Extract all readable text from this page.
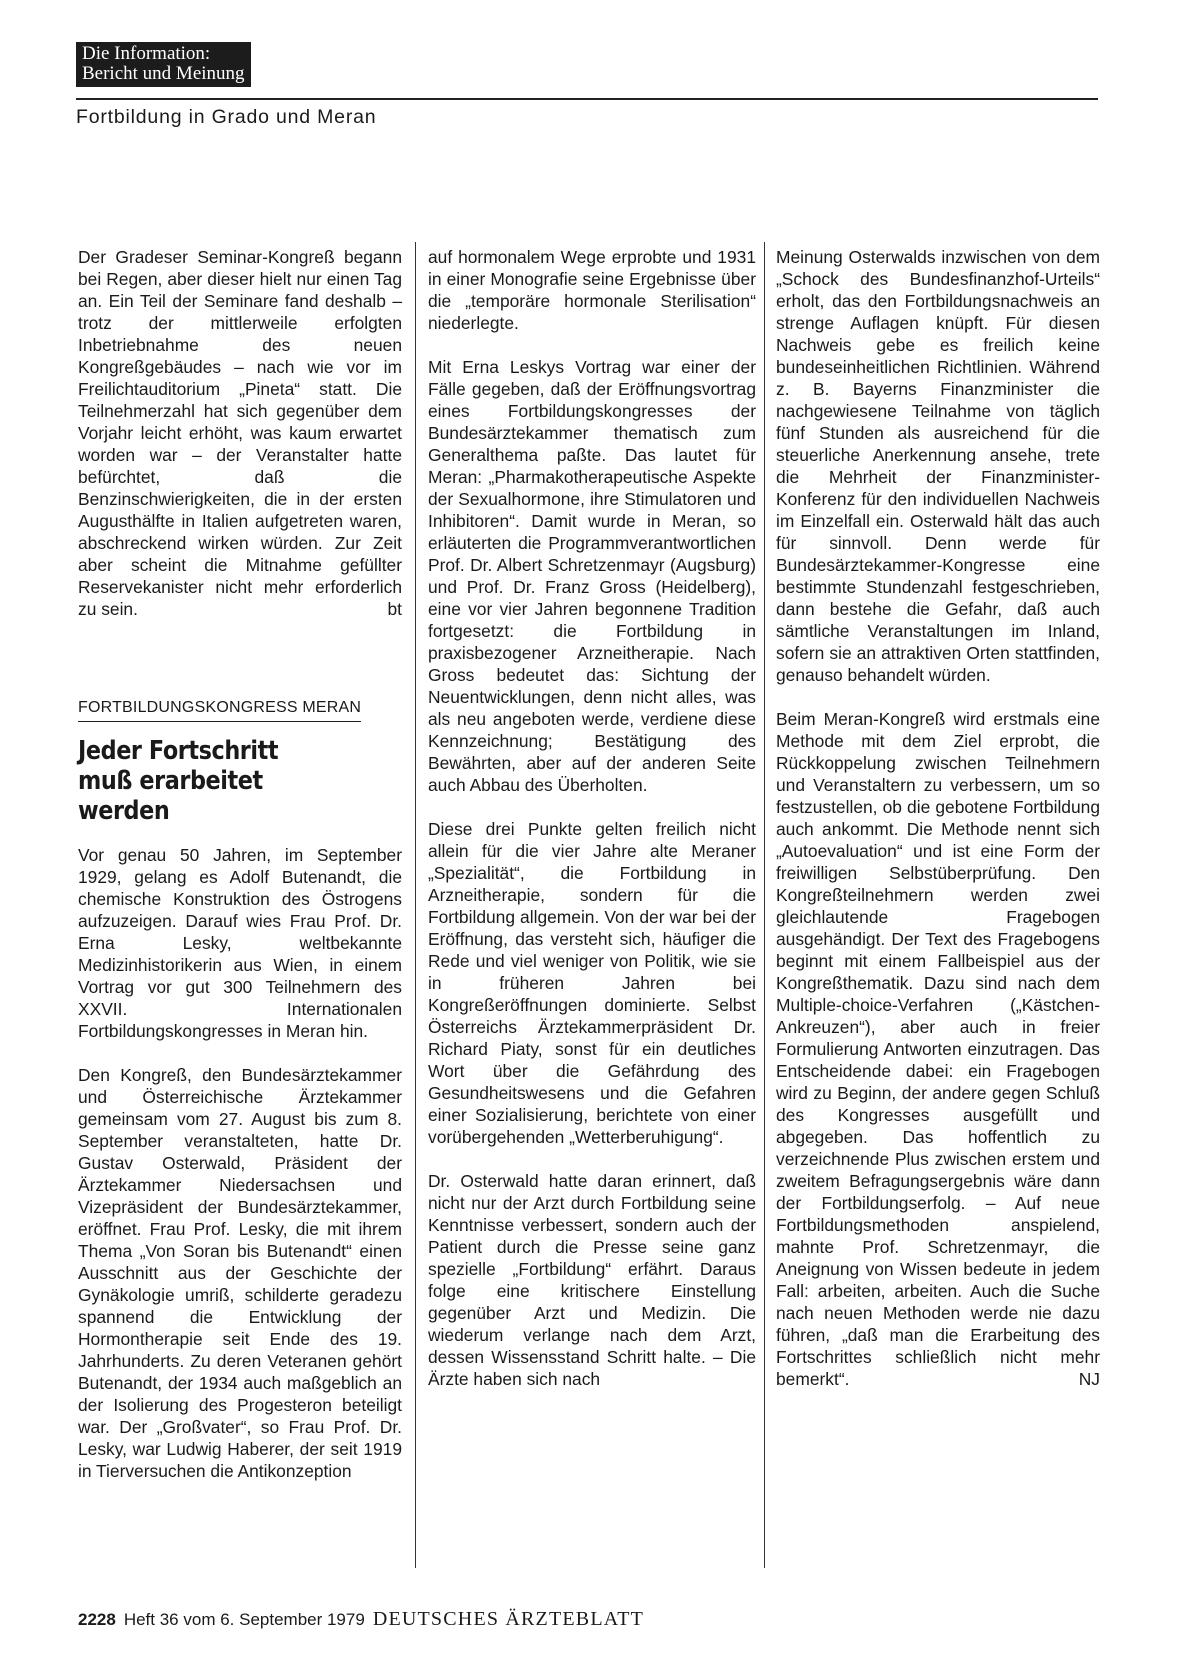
Die Information:
Bericht und Meinung
Fortbildung in Grado und Meran

Der Gradeser Seminar-Kongreß begann bei Regen, aber dieser hielt nur einen Tag an. Ein Teil der Seminare fand deshalb – trotz der mittlerweile erfolgten Inbetriebnahme des neuen Kongreßgebäudes – nach wie vor im Freilichtauditorium „Pineta“ statt. Die Teilnehmerzahl hat sich gegenüber dem Vorjahr leicht erhöht, was kaum erwartet worden war – der Veranstalter hatte befürchtet, daß die Benzinschwierigkeiten, die in der ersten Augusthälfte in Italien aufgetreten waren, abschreckend wirken würden. Zur Zeit aber scheint die Mitnahme gefüllter Reservekanister nicht mehr erforderlich zu sein.	bt

FORTBILDUNGSKONGRESS MERAN
Jeder Fortschritt
muß erarbeitet werden

Vor genau 50 Jahren, im September 1929, gelang es Adolf Butenandt, die chemische Konstruktion des Östrogens aufzuzeigen. Darauf wies Frau Prof. Dr. Erna Lesky, weltbekannte Medizinhistorikerin aus Wien, in einem Vortrag vor gut 300 Teilnehmern des XXVII. Internationalen Fortbildungskongresses in Meran hin.

Den Kongreß, den Bundesärztekammer und Österreichische Ärztekammer gemeinsam vom 27. August bis zum 8. September veranstalteten, hatte Dr. Gustav Osterwald, Präsident der Ärztekammer Niedersachsen und Vizepräsident der Bundesärztekammer, eröffnet. Frau Prof. Lesky, die mit ihrem Thema „Von Soran bis Butenandt“ einen Ausschnitt aus der Geschichte der Gynäkologie umriß, schilderte geradezu spannend die Entwicklung der Hormontherapie seit Ende des 19. Jahrhunderts. Zu deren Veteranen gehört Butenandt, der 1934 auch maßgeblich an der Isolierung des Progesteron beteiligt war. Der „Großvater“, so Frau Prof. Dr. Lesky, war Ludwig Haberer, der seit 1919 in Tierversuchen die Antikonzeption

auf hormonalem Wege erprobte und 1931 in einer Monografie seine Ergebnisse über die „temporäre hormonale Sterilisation“ niederlegte.

Mit Erna Leskys Vortrag war einer der Fälle gegeben, daß der Eröffnungsvortrag eines Fortbildungskongresses der Bundesärztekammer thematisch zum Generalthema paßte. Das lautet für Meran: „Pharmakotherapeutische Aspekte der Sexualhormone, ihre Stimulatoren und Inhibitoren“. Damit wurde in Meran, so erläuterten die Programmverantwortlichen Prof. Dr. Albert Schretzenmayr (Augsburg) und Prof. Dr. Franz Gross (Heidelberg), eine vor vier Jahren begonnene Tradition fortgesetzt: die Fortbildung in praxisbezogener Arzneitherapie. Nach Gross bedeutet das: Sichtung der Neuentwicklungen, denn nicht alles, was als neu angeboten werde, verdiene diese Kennzeichnung; Bestätigung des Bewährten, aber auf der anderen Seite auch Abbau des Überholten.

Diese drei Punkte gelten freilich nicht allein für die vier Jahre alte Meraner „Spezialität“, die Fortbildung in Arzneitherapie, sondern für die Fortbildung allgemein. Von der war bei der Eröffnung, das versteht sich, häufiger die Rede und viel weniger von Politik, wie sie in früheren Jahren bei Kongreßeröffnungen dominierte. Selbst Österreichs Ärztekammerpräsident Dr. Richard Piaty, sonst für ein deutliches Wort über die Gefährdung des Gesundheitswesens und die Gefahren einer Sozialisierung, berichtete von einer vorübergehenden „Wetterberuhigung“.

Dr. Osterwald hatte daran erinnert, daß nicht nur der Arzt durch Fortbildung seine Kenntnisse verbessert, sondern auch der Patient durch die Presse seine ganz spezielle „Fortbildung“ erfährt. Daraus folge eine kritischere Einstellung gegenüber Arzt und Medizin. Die wiederum verlange nach dem Arzt, dessen Wissensstand Schritt halte. – Die Ärzte haben sich nach

Meinung Osterwalds inzwischen von dem „Schock des Bundesfinanzhof-Urteils“ erholt, das den Fortbildungsnachweis an strenge Auflagen knüpft. Für diesen Nachweis gebe es freilich keine bundeseinheitlichen Richtlinien. Während z. B. Bayerns Finanzminister die nachgewiesene Teilnahme von täglich fünf Stunden als ausreichend für die steuerliche Anerkennung ansehe, trete die Mehrheit der Finanzminister-Konferenz für den individuellen Nachweis im Einzelfall ein. Osterwald hält das auch für sinnvoll. Denn werde für Bundesärztekammer-Kongresse eine bestimmte Stundenzahl festgeschrieben, dann bestehe die Gefahr, daß auch sämtliche Veranstaltungen im Inland, sofern sie an attraktiven Orten stattfinden, genauso behandelt würden.

Beim Meran-Kongreß wird erstmals eine Methode mit dem Ziel erprobt, die Rückkoppelung zwischen Teilnehmern und Veranstaltern zu verbessern, um so festzustellen, ob die gebotene Fortbildung auch ankommt. Die Methode nennt sich „Autoevaluation“ und ist eine Form der freiwilligen Selbstüberprüfung. Den Kongreßteilnehmern werden zwei gleichlautende Fragebogen ausgehändigt. Der Text des Fragebogens beginnt mit einem Fallbeispiel aus der Kongreßthematik. Dazu sind nach dem Multiple-choice-Verfahren („Kästchen-Ankreuzen“), aber auch in freier Formulierung Antworten einzutragen. Das Entscheidende dabei: ein Fragebogen wird zu Beginn, der andere gegen Schluß des Kongresses ausgefüllt und abgegeben. Das hoffentlich zu verzeichnende Plus zwischen erstem und zweitem Befragungsergebnis wäre dann der Fortbildungserfolg. – Auf neue Fortbildungsmethoden anspielend, mahnte Prof. Schretzenmayr, die Aneignung von Wissen bedeute in jedem Fall: arbeiten, arbeiten. Auch die Suche nach neuen Methoden werde nie dazu führen, „daß man die Erarbeitung des Fortschrittes schließlich nicht mehr bemerkt“.	NJ

2228 Heft 36 vom 6. September 1979 DEUTSCHES ÄRZTEBLATT
